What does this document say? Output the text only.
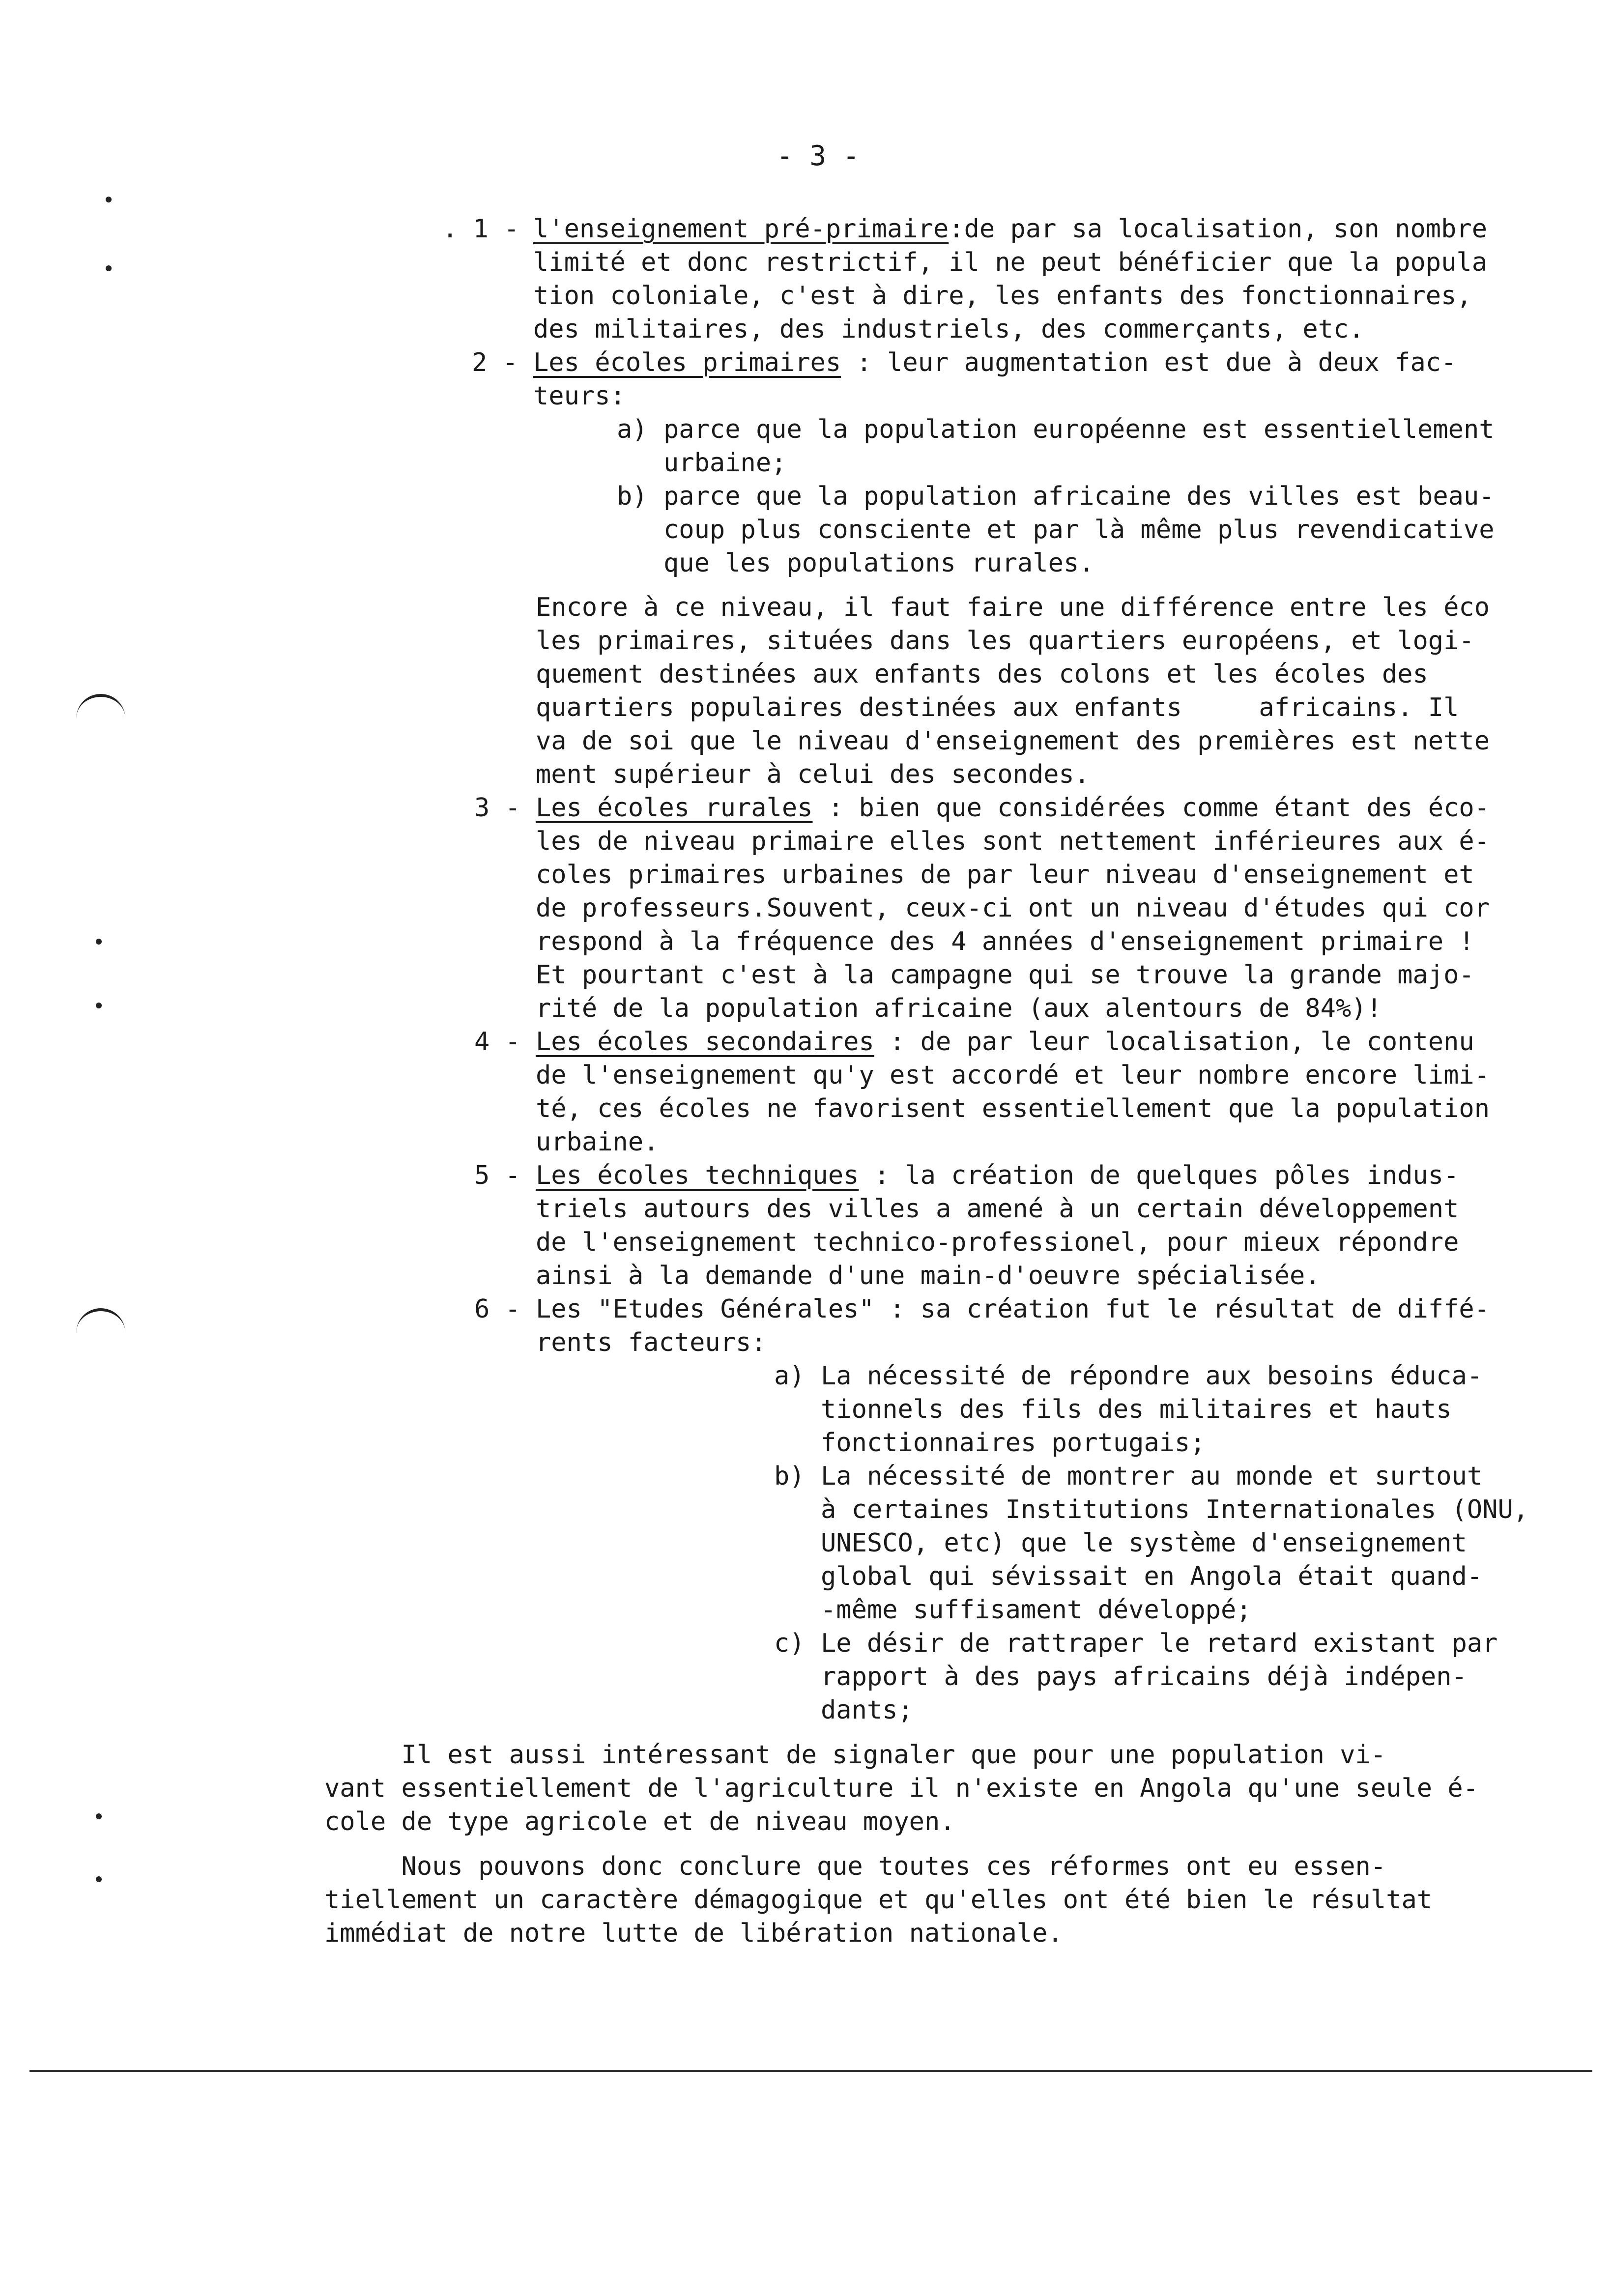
- 3 -
. 1 - l'enseignement pré-primaire:de par sa localisation, son nombre
limité et donc restrictif, il ne peut bénéficier que la popula
tion coloniale, c'est à dire, les enfants des fonctionnaires,
des militaires, des industriels, des commerçants, etc.
2 - Les écoles primaires : leur augmentation est due à deux fac-
teurs:
a) parce que la population européenne est essentiellement
urbaine;
b) parce que la population africaine des villes est beau-
coup plus consciente et par là même plus revendicative
que les populations rurales.
Encore à ce niveau, il faut faire une différence entre les éco
les primaires, situées dans les quartiers européens, et logi-
quement destinées aux enfants des colons et les écoles des
quartiers populaires destinées aux enfants     africains. Il
va de soi que le niveau d'enseignement des premières est nette
ment supérieur à celui des secondes.
3 - Les écoles rurales : bien que considérées comme étant des éco-
les de niveau primaire elles sont nettement inférieures aux é-
coles primaires urbaines de par leur niveau d'enseignement et
de professeurs.Souvent, ceux-ci ont un niveau d'études qui cor
respond à la fréquence des 4 années d'enseignement primaire !
Et pourtant c'est à la campagne qui se trouve la grande majo-
rité de la population africaine (aux alentours de 84%)!
4 - Les écoles secondaires : de par leur localisation, le contenu
de l'enseignement qu'y est accordé et leur nombre encore limi-
té, ces écoles ne favorisent essentiellement que la population
urbaine.
5 - Les écoles techniques : la création de quelques pôles indus-
triels autours des villes a amené à un certain développement
de l'enseignement technico-professionel, pour mieux répondre
ainsi à la demande d'une main-d'oeuvre spécialisée.
6 - Les "Etudes Générales" : sa création fut le résultat de diffé-
rents facteurs:
a) La nécessité de répondre aux besoins éduca-
tionnels des fils des militaires et hauts
fonctionnaires portugais;
b) La nécessité de montrer au monde et surtout
à certaines Institutions Internationales (ONU,
UNESCO, etc) que le système d'enseignement
global qui sévissait en Angola était quand-
-même suffisament développé;
c) Le désir de rattraper le retard existant par
rapport à des pays africains déjà indépen-
dants;
Il est aussi intéressant de signaler que pour une population vi-
vant essentiellement de l'agriculture il n'existe en Angola qu'une seule é-
cole de type agricole et de niveau moyen.
Nous pouvons donc conclure que toutes ces réformes ont eu essen-
tiellement un caractère démagogique et qu'elles ont été bien le résultat
immédiat de notre lutte de libération nationale.
